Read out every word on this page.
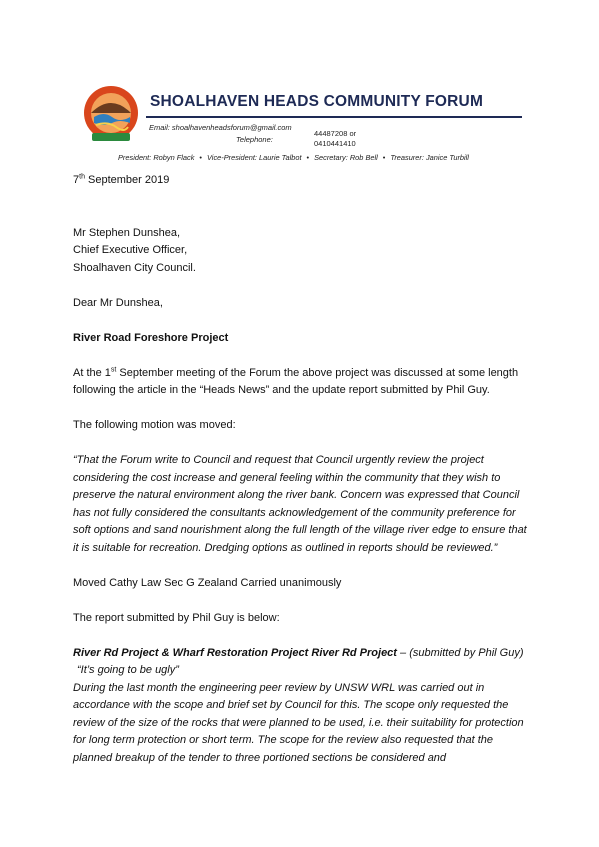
SHOALHAVEN HEADS COMMUNITY FORUM
Email: shoalhavenheadsforum@gmail.com
Telephone:
44487208 or
0410441410
President: Robyn Flack • Vice-President: Laurie Talbot • Secretary: Rob Bell • Treasurer: Janice Turbill

7th September 2019

Mr Stephen Dunshea,

Chief Executive Officer,

Shoalhaven City Council.

Dear Mr Dunshea,

River Road Foreshore Project

At the 1st September meeting of the Forum the above project was discussed at some length following the article in the “Heads News” and the update report submitted by Phil Guy.

The following motion was moved:

“That the Forum write to Council and request that Council urgently review the project considering the cost increase and general feeling within the community that they wish to preserve the natural environment along the river bank. Concern was expressed that Council has not fully considered the consultants acknowledgement of the community preference for soft options and sand nourishment along the full length of the village river edge to ensure that it is suitable for recreation. Dredging options as outlined in reports should be reviewed.”

Moved Cathy Law Sec G Zealand Carried unanimously

The report submitted by Phil Guy is below:

River Rd Project & Wharf Restoration Project River Rd Project – (submitted by Phil Guy)

“It’s going to be ugly”

During the last month the engineering peer review by UNSW WRL was carried out in accordance with the scope and brief set by Council for this. The scope only requested the review of the size of the rocks that were planned to be used, i.e. their suitability for protection for long term protection or short term. The scope for the review also requested that the planned breakup of the tender to three portioned sections be considered and
